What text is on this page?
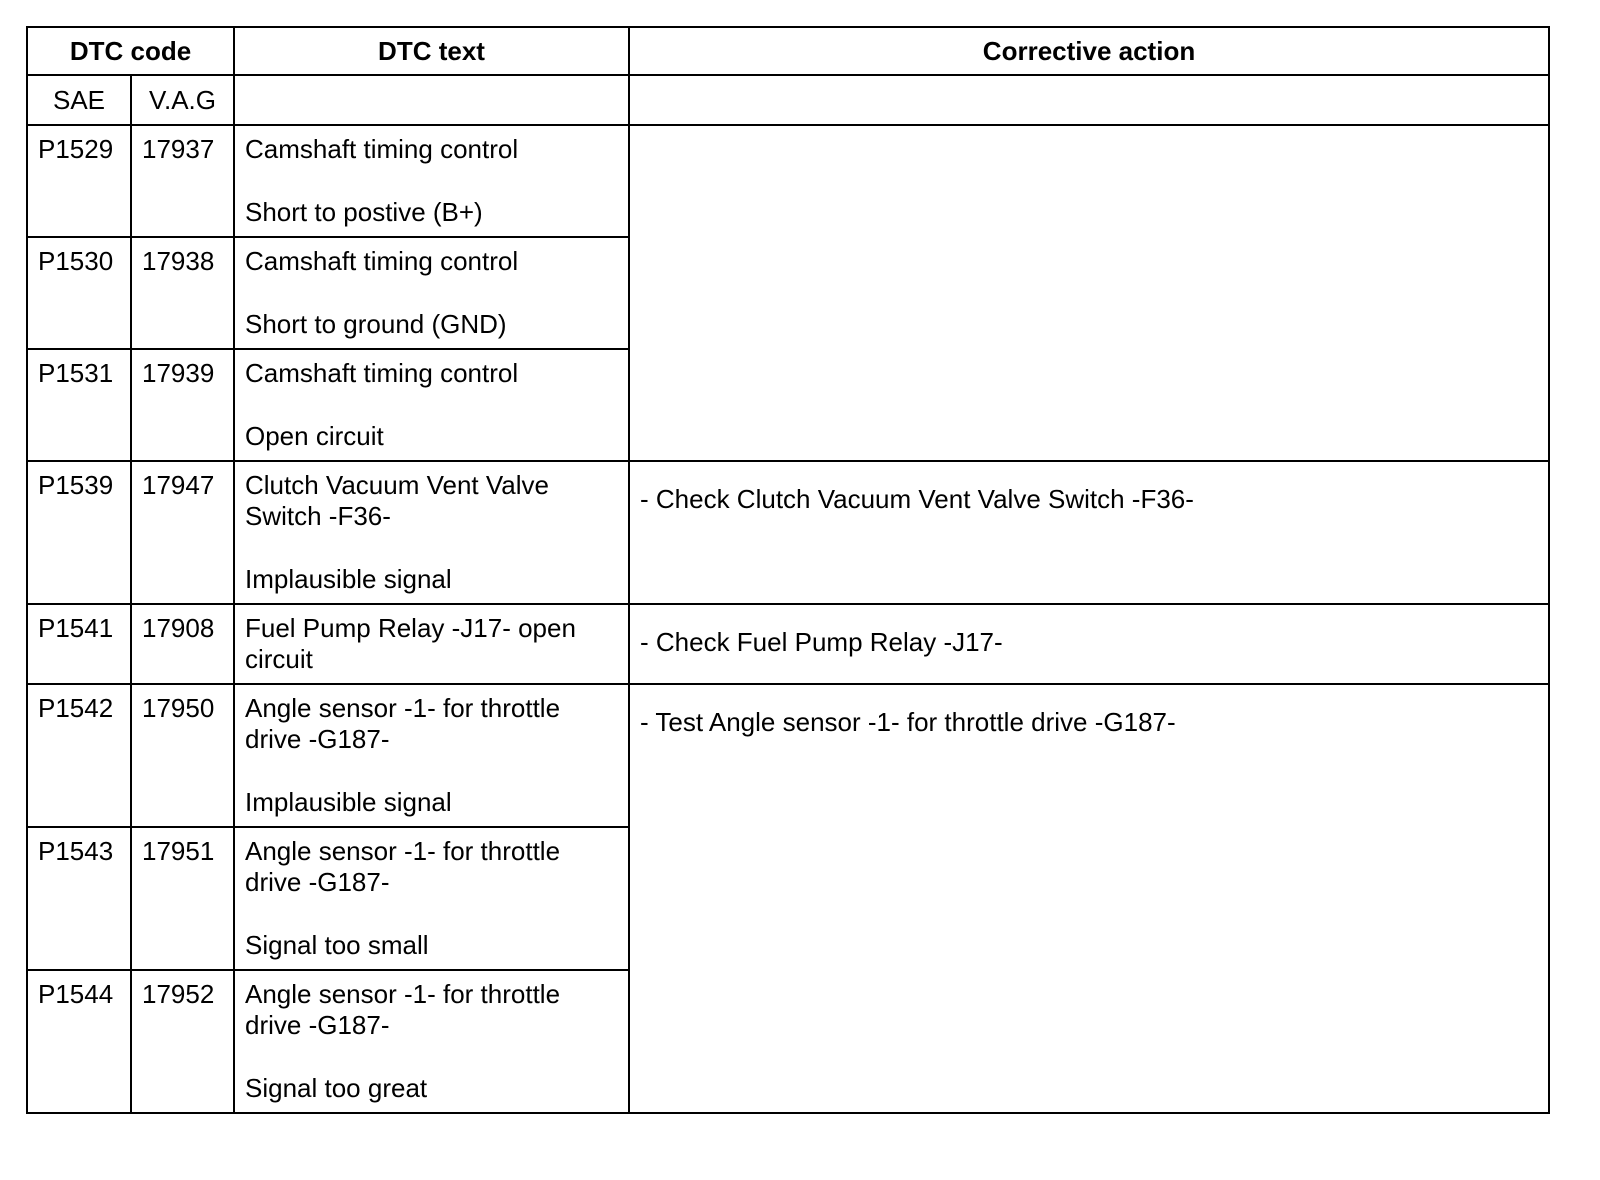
DTC code		DTC text	Corrective action
SAE	V.A.G		
P1529	17937	Camshaft timing control
Short to postive (B+)	

P1530	17938	Camshaft timing control
Short to ground (GND)	

P1531	17939	Camshaft timing control
Open circuit	

P1539	17947	Clutch Vacuum Vent Valve Switch -F36-
Implausible signal	- Check Clutch Vacuum Vent Valve Switch -F36-
P1541	17908	Fuel Pump Relay -J17- open circuit	- Check Fuel Pump Relay -J17-
P1542	17950	Angle sensor -1- for throttle drive -G187-
Implausible signal	- Test Angle sensor -1- for throttle drive -G187-
P1543	17951	Angle sensor -1- for throttle drive -G187-
Signal too small	

P1544	17952	Angle sensor -1- for throttle drive -G187-
Signal too great	
